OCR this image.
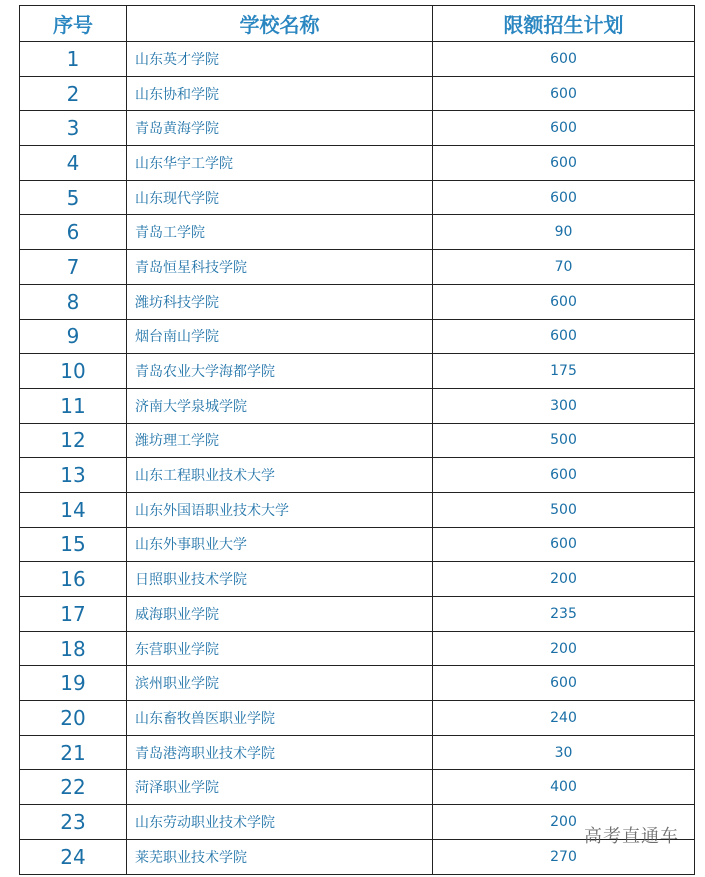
序号	学校名称	限额招生计划
1	山东英才学院	600
2	山东协和学院	600
3	青岛黄海学院	600
4	山东华宇工学院	600
5	山东现代学院	600
6	青岛工学院	90
7	青岛恒星科技学院	70
8	潍坊科技学院	600
9	烟台南山学院	600
10	青岛农业大学海都学院	175
11	济南大学泉城学院	300
12	潍坊理工学院	500
13	山东工程职业技术大学	600
14	山东外国语职业技术大学	500
15	山东外事职业大学	600
16	日照职业技术学院	200
17	威海职业学院	235
18	东营职业学院	200
19	滨州职业学院	600
20	山东畜牧兽医职业学院	240
21	青岛港湾职业技术学院	30
22	菏泽职业学院	400
23	山东劳动职业技术学院	200
24	莱芜职业技术学院	270
高考直通车
